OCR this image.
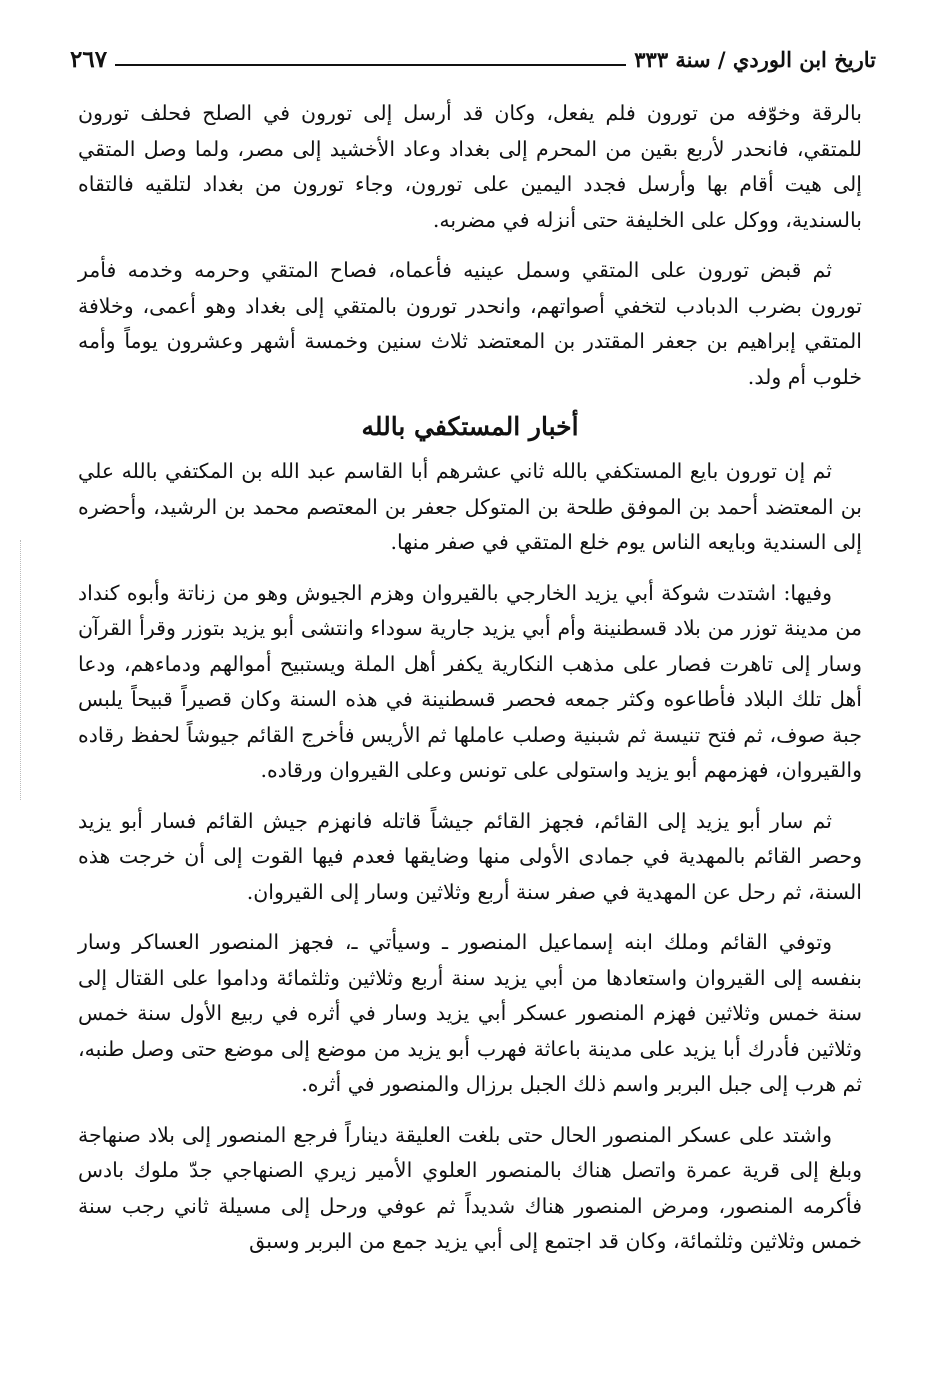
تاريخ ابن الوردي / سنة ٣٣٣
٢٦٧

بالرقة وخوّفه من تورون فلم يفعل، وكان قد أرسل إلى تورون في الصلح فحلف تورون للمتقي، فانحدر لأربع بقين من المحرم إلى بغداد وعاد الأخشيد إلى مصر، ولما وصل المتقي إلى هيت أقام بها وأرسل فجدد اليمين على تورون، وجاء تورون من بغداد لتلقيه فالتقاه بالسندية، ووكل على الخليفة حتى أنزله في مضربه.

ثم قبض تورون على المتقي وسمل عينيه فأعماه، فصاح المتقي وحرمه وخدمه فأمر تورون بضرب الدبادب لتخفي أصواتهم، وانحدر تورون بالمتقي إلى بغداد وهو أعمى، وخلافة المتقي إبراهيم بن جعفر المقتدر بن المعتضد ثلاث سنين وخمسة أشهر وعشرون يوماً وأمه خلوب أم ولد.

أخبار المستكفي بالله

ثم إن تورون بايع المستكفي بالله ثاني عشرهم أبا القاسم عبد الله بن المكتفي بالله علي بن المعتضد أحمد بن الموفق طلحة بن المتوكل جعفر بن المعتصم محمد بن الرشيد، وأحضره إلى السندية وبايعه الناس يوم خلع المتقي في صفر منها.

وفيها: اشتدت شوكة أبي يزيد الخارجي بالقيروان وهزم الجيوش وهو من زناتة وأبوه كنداد من مدينة توزر من بلاد قسطنينة وأم أبي يزيد جارية سوداء وانتشى أبو يزيد بتوزر وقرأ القرآن وسار إلى تاهرت فصار على مذهب النكارية يكفر أهل الملة ويستبيح أموالهم ودماءهم، ودعا أهل تلك البلاد فأطاعوه وكثر جمعه فحصر قسطنينة في هذه السنة وكان قصيراً قبيحاً يلبس جبة صوف، ثم فتح تنيسة ثم شبنية وصلب عاملها ثم الأريس فأخرج القائم جيوشاً لحفظ رقاده والقيروان، فهزمهم أبو يزيد واستولى على تونس وعلى القيروان ورقاده.

ثم سار أبو يزيد إلى القائم، فجهز القائم جيشاً قاتله فانهزم جيش القائم فسار أبو يزيد وحصر القائم بالمهدية في جمادى الأولى منها وضايقها فعدم فيها القوت إلى أن خرجت هذه السنة، ثم رحل عن المهدية في صفر سنة أربع وثلاثين وسار إلى القيروان.

وتوفي القائم وملك ابنه إسماعيل المنصور ـ وسيأتي ـ، فجهز المنصور العساكر وسار بنفسه إلى القيروان واستعادها من أبي يزيد سنة أربع وثلاثين وثلثمائة وداموا على القتال إلى سنة خمس وثلاثين فهزم المنصور عسكر أبي يزيد وسار في أثره في ربيع الأول سنة خمس وثلاثين فأدرك أبا يزيد على مدينة باعاثة فهرب أبو يزيد من موضع إلى موضع حتى وصل طنبه، ثم هرب إلى جبل البربر واسم ذلك الجبل برزال والمنصور في أثره.

واشتد على عسكر المنصور الحال حتى بلغت العليقة ديناراً فرجع المنصور إلى بلاد صنهاجة وبلغ إلى قرية عمرة واتصل هناك بالمنصور العلوي الأمير زيري الصنهاجي جدّ ملوك بادس فأكرمه المنصور، ومرض المنصور هناك شديداً ثم عوفي ورحل إلى مسيلة ثاني رجب سنة خمس وثلاثين وثلثمائة، وكان قد اجتمع إلى أبي يزيد جمع من البربر وسبق
